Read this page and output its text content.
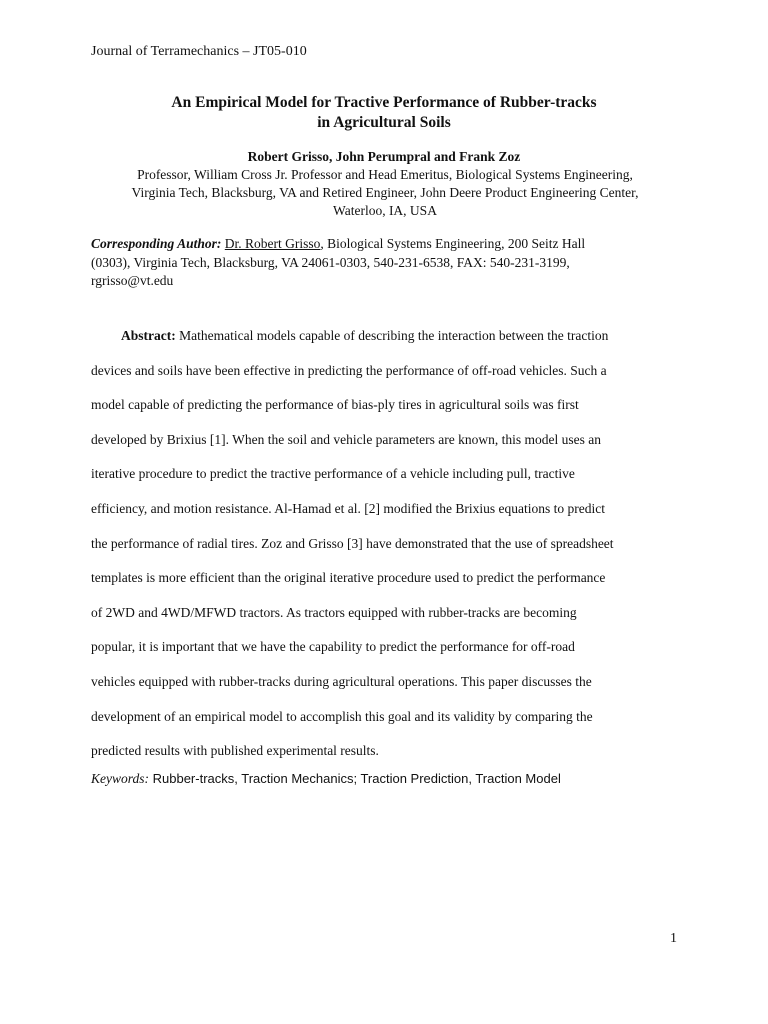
Journal of Terramechanics – JT05-010
An Empirical Model for Tractive Performance of Rubber-tracks
in Agricultural Soils
Robert Grisso, John Perumpral and Frank Zoz
Professor, William Cross Jr. Professor and Head Emeritus, Biological Systems Engineering,
Virginia Tech, Blacksburg, VA and Retired Engineer, John Deere Product Engineering Center,
Waterloo, IA, USA
Corresponding Author: Dr. Robert Grisso, Biological Systems Engineering, 200 Seitz Hall
(0303), Virginia Tech, Blacksburg, VA 24061-0303, 540-231-6538, FAX: 540-231-3199,
rgrisso@vt.edu
Abstract: Mathematical models capable of describing the interaction between the traction
devices and soils have been effective in predicting the performance of off-road vehicles. Such a
model capable of predicting the performance of bias-ply tires in agricultural soils was first
developed by Brixius [1]. When the soil and vehicle parameters are known, this model uses an
iterative procedure to predict the tractive performance of a vehicle including pull, tractive
efficiency, and motion resistance. Al-Hamad et al. [2] modified the Brixius equations to predict
the performance of radial tires. Zoz and Grisso [3] have demonstrated that the use of spreadsheet
templates is more efficient than the original iterative procedure used to predict the performance
of 2WD and 4WD/MFWD tractors. As tractors equipped with rubber-tracks are becoming
popular, it is important that we have the capability to predict the performance for off-road
vehicles equipped with rubber-tracks during agricultural operations. This paper discusses the
development of an empirical model to accomplish this goal and its validity by comparing the
predicted results with published experimental results.
Keywords: Rubber-tracks, Traction Mechanics; Traction Prediction, Traction Model
1
